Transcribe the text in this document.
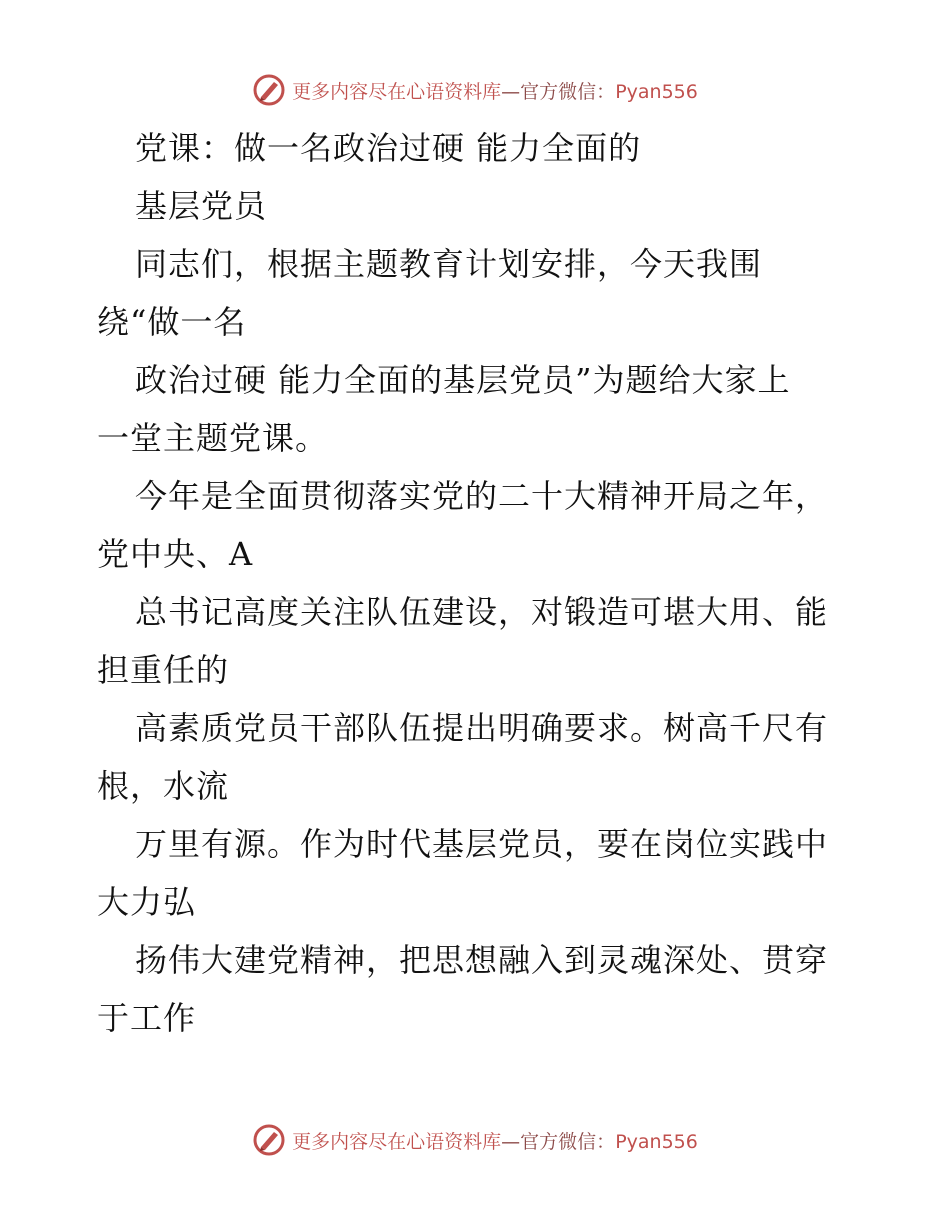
更多内容尽在心语资料库—官方微信：Pyan556
党课：做一名政治过硬 能力全面的
基层党员
同志们，根据主题教育计划安排，今天我围
绕“做一名
政治过硬 能力全面的基层党员”为题给大家上
一堂主题党课。
今年是全面贯彻落实党的二十大精神开局之年，
党中央、A
总书记高度关注队伍建设，对锻造可堪大用、能
担重任的
高素质党员干部队伍提出明确要求。树高千尺有
根，水流
万里有源。作为时代基层党员，要在岗位实践中
大力弘
扬伟大建党精神，把思想融入到灵魂深处、贯穿
于工作
更多内容尽在心语资料库—官方微信：Pyan556
